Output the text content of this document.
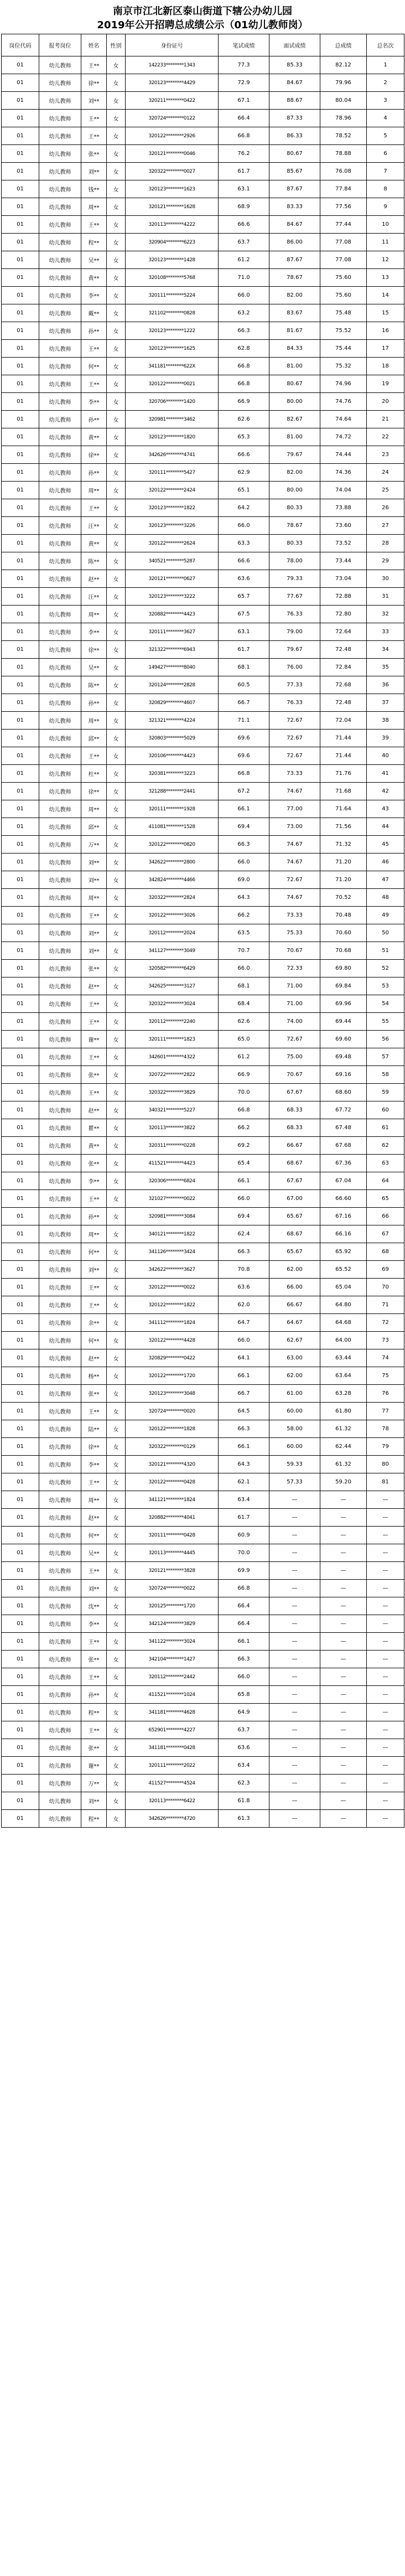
南京市江北新区泰山街道下辖公办幼儿园
2019年公开招聘总成绩公示（01幼儿教师岗）
岗位代码	报考岗位	姓名	性别	身份证号	笔试成绩	面试成绩	总成绩	总名次
01	幼儿教师	王**	女	142233********1343	77.3	85.33	82.12	1
01	幼儿教师	徐**	女	320123********4429	72.9	84.67	79.96	2
01	幼儿教师	刘**	女	320211********0422	67.1	88.67	80.04	3
01	幼儿教师	王**	女	320724********0122	66.4	87.33	78.96	4
01	幼儿教师	王**	女	320122********2926	66.8	86.33	78.52	5
01	幼儿教师	张**	女	320121********0046	76.2	80.67	78.88	6
01	幼儿教师	刘**	女	320322********0027	61.7	85.67	76.08	7
01	幼儿教师	钱**	女	320123********1623	63.1	87.67	77.84	8
01	幼儿教师	周**	女	320121********1628	68.9	83.33	77.56	9
01	幼儿教师	王**	女	320113********4222	66.6	84.67	77.44	10
01	幼儿教师	程**	女	320904********6223	63.7	86.00	77.08	11
01	幼儿教师	吴**	女	320123********1428	61.2	87.67	77.08	12
01	幼儿教师	黄**	女	320108********5768	71.0	78.67	75.60	13
01	幼儿教师	李**	女	320111********5224	66.0	82.00	75.60	14
01	幼儿教师	戴**	女	321102********0828	63.2	83.67	75.48	15
01	幼儿教师	孙**	女	320123********1222	66.3	81.67	75.52	16
01	幼儿教师	王**	女	320123********1625	62.8	84.33	75.44	17
01	幼儿教师	何**	女	341181********622X	66.8	81.00	75.32	18
01	幼儿教师	王**	女	320122********0021	66.8	80.67	74.96	19
01	幼儿教师	李**	女	320706********1420	66.9	80.00	74.76	20
01	幼儿教师	孙**	女	320981********3462	62.6	82.67	74.64	21
01	幼儿教师	黄**	女	320123********1820	65.3	81.00	74.72	22
01	幼儿教师	徐**	女	342626********4741	66.6	79.67	74.44	23
01	幼儿教师	孙**	女	320111********5427	62.9	82.00	74.36	24
01	幼儿教师	周**	女	320122********2424	65.1	80.00	74.04	25
01	幼儿教师	王**	女	320123********1822	64.2	80.33	73.88	26
01	幼儿教师	汪**	女	320123********3226	66.0	78.67	73.60	27
01	幼儿教师	黄**	女	320122********2624	63.3	80.33	73.52	28
01	幼儿教师	陈**	女	340521********5287	66.6	78.00	73.44	29
01	幼儿教师	赵**	女	320121********0627	63.6	79.33	73.04	30
01	幼儿教师	汪**	女	320123********3222	65.7	77.67	72.88	31
01	幼儿教师	周**	女	320882********4423	67.5	76.33	72.80	32
01	幼儿教师	李**	女	320111********3627	63.1	79.00	72.64	33
01	幼儿教师	徐**	女	321322********6943	61.7	79.67	72.48	34
01	幼儿教师	吴**	女	149427********8040	68.1	76.00	72.84	35
01	幼儿教师	陈**	女	320124********2828	60.5	77.33	72.68	36
01	幼儿教师	孙**	女	320829********4607	66.7	76.33	72.48	37
01	幼儿教师	周**	女	321321********4224	71.1	72.67	72.04	38
01	幼儿教师	邱**	女	320803********5029	69.6	72.67	71.44	39
01	幼儿教师	王**	女	320106********4423	69.6	72.67	71.44	40
01	幼儿教师	杜**	女	320381********3223	66.8	73.33	71.76	41
01	幼儿教师	徐**	女	321288********2441	67.2	74.67	71.68	42
01	幼儿教师	周**	女	320111********1928	66.1	77.00	71.64	43
01	幼儿教师	邱**	女	411081********1528	69.4	73.00	71.56	44
01	幼儿教师	万**	女	320122********0820	66.3	74.67	71.32	45
01	幼儿教师	刘**	女	342622********2800	66.0	74.67	71.20	46
01	幼儿教师	刘**	女	342824********4466	69.0	72.67	71.20	47
01	幼儿教师	周**	女	320322********2824	64.3	74.67	70.52	48
01	幼儿教师	王**	女	320122********3026	66.2	73.33	70.48	49
01	幼儿教师	刘**	女	320112********2024	63.5	75.33	70.60	50
01	幼儿教师	刘**	女	341127********3049	70.7	70.67	70.68	51
01	幼儿教师	张**	女	320582********6429	66.0	72.33	69.80	52
01	幼儿教师	赵**	女	342625********3127	68.1	71.00	69.84	53
01	幼儿教师	王**	女	320322********3024	68.4	71.00	69.96	54
01	幼儿教师	王**	女	320112********2240	62.6	74.00	69.44	55
01	幼儿教师	谢**	女	320111********1823	65.0	72.67	69.60	56
01	幼儿教师	王**	女	342601********4322	61.2	75.00	69.48	57
01	幼儿教师	张**	女	320722********2822	66.9	70.67	69.16	58
01	幼儿教师	王**	女	320322********3829	70.0	67.67	68.60	59
01	幼儿教师	赵**	女	340321********5227	66.8	68.33	67.72	60
01	幼儿教师	瞿**	女	320113********3822	66.2	68.33	67.48	61
01	幼儿教师	黄**	女	320311********0228	69.2	66.67	67.68	62
01	幼儿教师	张**	女	411521********4423	65.4	68.67	67.36	63
01	幼儿教师	李**	女	320306********6824	66.1	67.67	67.04	64
01	幼儿教师	王**	女	321027********0022	66.0	67.00	66.60	65
01	幼儿教师	孙**	女	320981********3084	69.4	65.67	67.16	66
01	幼儿教师	周**	女	340121********1822	62.4	68.67	66.16	67
01	幼儿教师	何**	女	341126********3424	66.3	65.67	65.92	68
01	幼儿教师	刘**	女	342622********3627	70.8	62.00	65.52	69
01	幼儿教师	王**	女	320122********0022	63.6	66.00	65.04	70
01	幼儿教师	王**	女	320122********1822	62.0	66.67	64.80	71
01	幼儿教师	余**	女	341112********1824	64.7	64.67	64.68	72
01	幼儿教师	何**	女	320122********4428	66.0	62.67	64.00	73
01	幼儿教师	赵**	女	320829********0422	64.1	63.00	63.44	74
01	幼儿教师	杨**	女	320122********1720	66.1	62.00	63.64	75
01	幼儿教师	张**	女	320123********3048	66.7	61.00	63.28	76
01	幼儿教师	王**	女	320724********0020	64.5	60.00	61.80	77
01	幼儿教师	陆**	女	320122********1828	66.3	58.00	61.32	78
01	幼儿教师	徐**	女	320322********0129	66.1	60.00	62.44	79
01	幼儿教师	李**	女	320121********4320	64.3	59.33	61.32	80
01	幼儿教师	王**	女	320122********0428	62.1	57.33	59.20	81
01	幼儿教师	周**	女	341121********1824	63.4	—	—	—
01	幼儿教师	赵**	女	320882********4041	61.7	—	—	—
01	幼儿教师	何**	女	320111********0428	60.9	—	—	—
01	幼儿教师	吴**	女	320113********4445	70.0	—	—	—
01	幼儿教师	王**	女	320121********3828	69.9	—	—	—
01	幼儿教师	刘**	女	320724********0022	66.8	—	—	—
01	幼儿教师	沈**	女	320125********1720	66.4	—	—	—
01	幼儿教师	李**	女	342124********3829	66.4	—	—	—
01	幼儿教师	王**	女	341122********3024	66.1	—	—	—
01	幼儿教师	张**	女	342104********1427	66.3	—	—	—
01	幼儿教师	王**	女	320112********2442	66.0	—	—	—
01	幼儿教师	孙**	女	411521********1024	65.8	—	—	—
01	幼儿教师	程**	女	341181********4628	64.9	—	—	—
01	幼儿教师	王**	女	652901********4227	63.7	—	—	—
01	幼儿教师	张**	女	341181********0428	63.6	—	—	—
01	幼儿教师	谢**	女	320111********2022	63.4	—	—	—
01	幼儿教师	万**	女	411527********4524	62.3	—	—	—
01	幼儿教师	刘**	女	320113********6422	61.8	—	—	—
01	幼儿教师	程**	女	342626********4720	61.3	—	—	—
